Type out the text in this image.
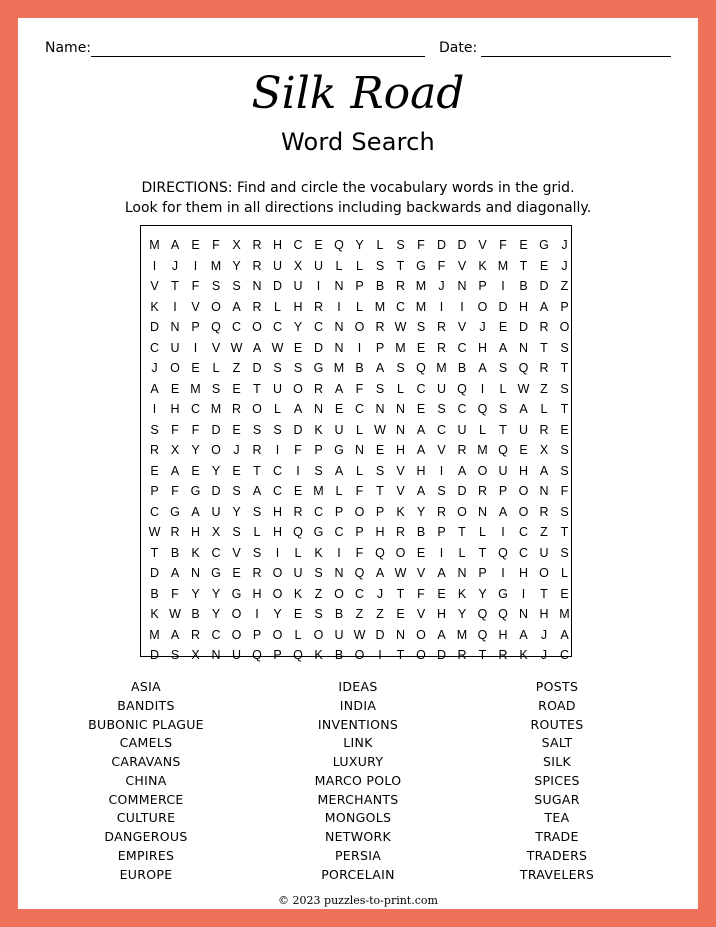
Name:	Date:
Silk Road
Word Search
DIRECTIONS: Find and circle the vocabulary words in the grid.
Look for them in all directions including backwards and diagonally.
M A E	F	X R H C E Q Y	L	S	F D D V	F	E G	J
I	J	I	M Y R U X U	L	L	S	T G F	V K M T	E	J
V	T	F	S S N D U	I	N P B R M J	N P	I	B D Z
K	I	V O A R	L	H R	I	L M C M	I	I	O D H A P
D N P Q C O C Y C N O R W S R V	J	E D R O
C U	I	V W A W E D N	I	P M E R C H A N T	S
J	O E	L	Z D S S G M B A S Q M B A S Q R T
A E M S E	T U O R A	F	S	L	C U Q	I	L W Z	S
I	H C M R O L	A N E C N N E S C Q S A	L	T
S	F	F D E S S D K U	L W N A C U	L	T U R E
R X Y O	J	R	I	F	P G N E H A V R M Q E X S
E A E Y E	T C	I	S A	L	S V H	I	A O U H A S
P	F G D S A C E M L	F	T	V A S D R P O N F
C G A U Y S H R C P O P K Y R O N A O R S
W R H X S	L	H Q G C P H R B P	T	L	I	C Z	T
T	B K C V S	I	L	K	I	F Q O E	I	L	T Q C U S
D A N G E R O U S N Q A W V A N P	I	H O L
B	F	Y Y G H O K	Z O C	J	T	F	E K Y G	I	T	E
K W B Y O	I	Y E S B	Z	Z	E V H Y Q Q N H M
M A R C O P O L O U W D N O A M Q H A	J	A
D S X N U Q P Q K B O	I	T O D R T R K	J	C
ASIA
BANDITS
BUBONIC PLAGUE
CAMELS
CARAVANS
CHINA
COMMERCE
CULTURE
DANGEROUS
EMPIRES
EUROPE
IDEAS
INDIA
INVENTIONS
LINK
LUXURY
MARCO POLO
MERCHANTS
MONGOLS
NETWORK
PERSIA
PORCELAIN
POSTS
ROAD
ROUTES
SALT
SILK
SPICES
SUGAR
TEA
TRADE
TRADERS
TRAVELERS
© 2023 puzzles-to-print.com
